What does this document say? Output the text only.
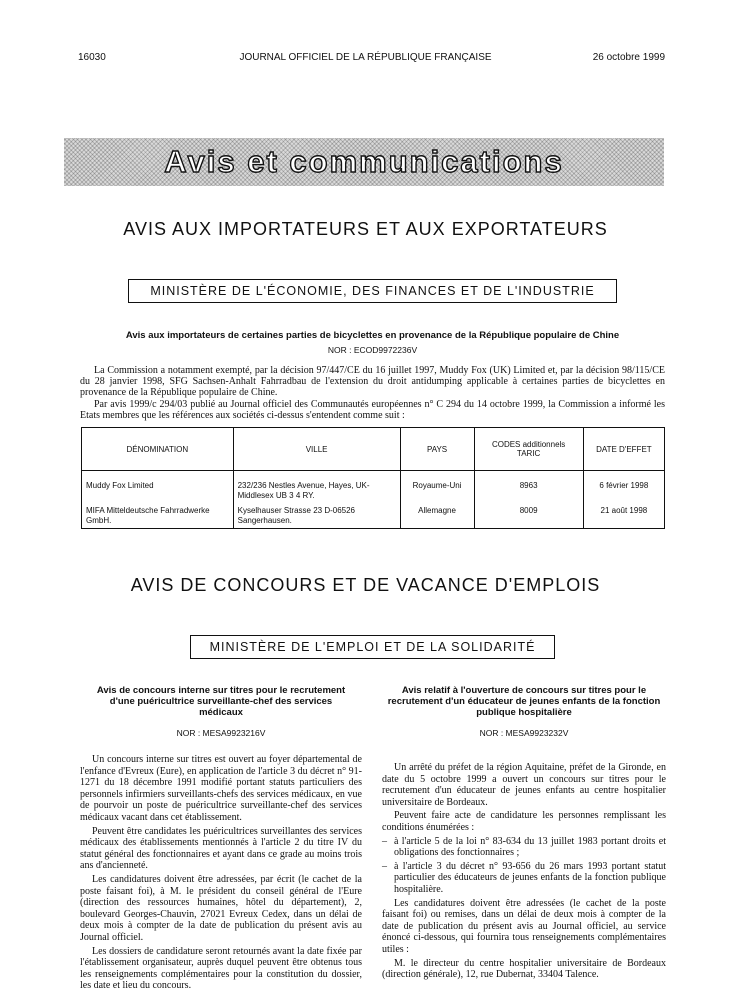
16030	JOURNAL OFFICIEL DE LA RÉPUBLIQUE FRANÇAISE	26 octobre 1999
Avis et communications
AVIS AUX IMPORTATEURS ET AUX EXPORTATEURS
MINISTÈRE DE L'ÉCONOMIE, DES FINANCES ET DE L'INDUSTRIE
Avis aux importateurs de certaines parties de bicyclettes en provenance de la République populaire de Chine
NOR : ECOD9972236V

La Commission a notamment exempté, par la décision 97/447/CE du 16 juillet 1997, Muddy Fox (UK) Limited et, par la décision 98/115/CE du 28 janvier 1998, SFG Sachsen-Anhalt Fahrradbau de l'extension du droit antidumping applicable à certaines parties de bicyclettes en provenance de la République populaire de Chine.

Par avis 1999/c 294/03 publié au Journal officiel des Communautés européennes n° C 294 du 14 octobre 1999, la Commission a informé les Etats membres que les références aux sociétés ci-dessus s'entendent comme suit :

DÉNOMINATION	VILLE	PAYS	CODES additionnels TARIC	DATE D'EFFET
Muddy Fox Limited	232/236 Nestles Avenue, Hayes, UK-Middlesex UB 3 4 RY.	Royaume-Uni	8963	6 février 1998
MIFA Mitteldeutsche Fahrradwerke GmbH.	Kyselhauser Strasse 23 D-06526 Sangerhausen.	Allemagne	8009	21 août 1998
AVIS DE CONCOURS ET DE VACANCE D'EMPLOIS
MINISTÈRE DE L'EMPLOI ET DE LA SOLIDARITÉ
Avis de concours interne sur titres pour le recrutement d'une puéricultrice surveillante-chef des services médicaux
NOR : MESA9923216V

Un concours interne sur titres est ouvert au foyer départemental de l'enfance d'Evreux (Eure), en application de l'article 3 du décret n° 91-1271 du 18 décembre 1991 modifié portant statuts particuliers des personnels infirmiers surveillants-chefs des services médicaux, en vue de pourvoir un poste de puéricultrice surveillante-chef des services médicaux vacant dans cet établissement.

Peuvent être candidates les puéricultrices surveillantes des services médicaux des établissements mentionnés à l'article 2 du titre IV du statut général des fonctionnaires et ayant dans ce grade au moins trois ans d'ancienneté.

Les candidatures doivent être adressées, par écrit (le cachet de la poste faisant foi), à M. le président du conseil général de l'Eure (direction des ressources humaines, hôtel du département), 2, boulevard Georges-Chauvin, 27021 Evreux Cedex, dans un délai de deux mois à compter de la date de publication du présent avis au Journal officiel.

Les dossiers de candidature seront retournés avant la date fixée par l'établissement organisateur, auprès duquel peuvent être obtenus tous les renseignements complémentaires pour la constitution du dossier, les date et lieu du concours.

Avis relatif à l'ouverture de concours sur titres pour le recrutement d'un éducateur de jeunes enfants de la fonction publique hospitalière
NOR : MESA9923232V

Un arrêté du préfet de la région Aquitaine, préfet de la Gironde, en date du 5 octobre 1999 a ouvert un concours sur titres pour le recrutement d'un éducateur de jeunes enfants au centre hospitalier universitaire de Bordeaux.

Peuvent faire acte de candidature les personnes remplissant les conditions énumérées :

– à l'article 5 de la loi n° 83-634 du 13 juillet 1983 portant droits et obligations des fonctionnaires ;

– à l'article 3 du décret n° 93-656 du 26 mars 1993 portant statut particulier des éducateurs de jeunes enfants de la fonction publique hospitalière.

Les candidatures doivent être adressées (le cachet de la poste faisant foi) ou remises, dans un délai de deux mois à compter de la date de publication du présent avis au Journal officiel, au service énoncé ci-dessous, qui fournira tous renseignements complémentaires utiles :

M. le directeur du centre hospitalier universitaire de Bordeaux (direction générale), 12, rue Dubernat, 33404 Talence.
